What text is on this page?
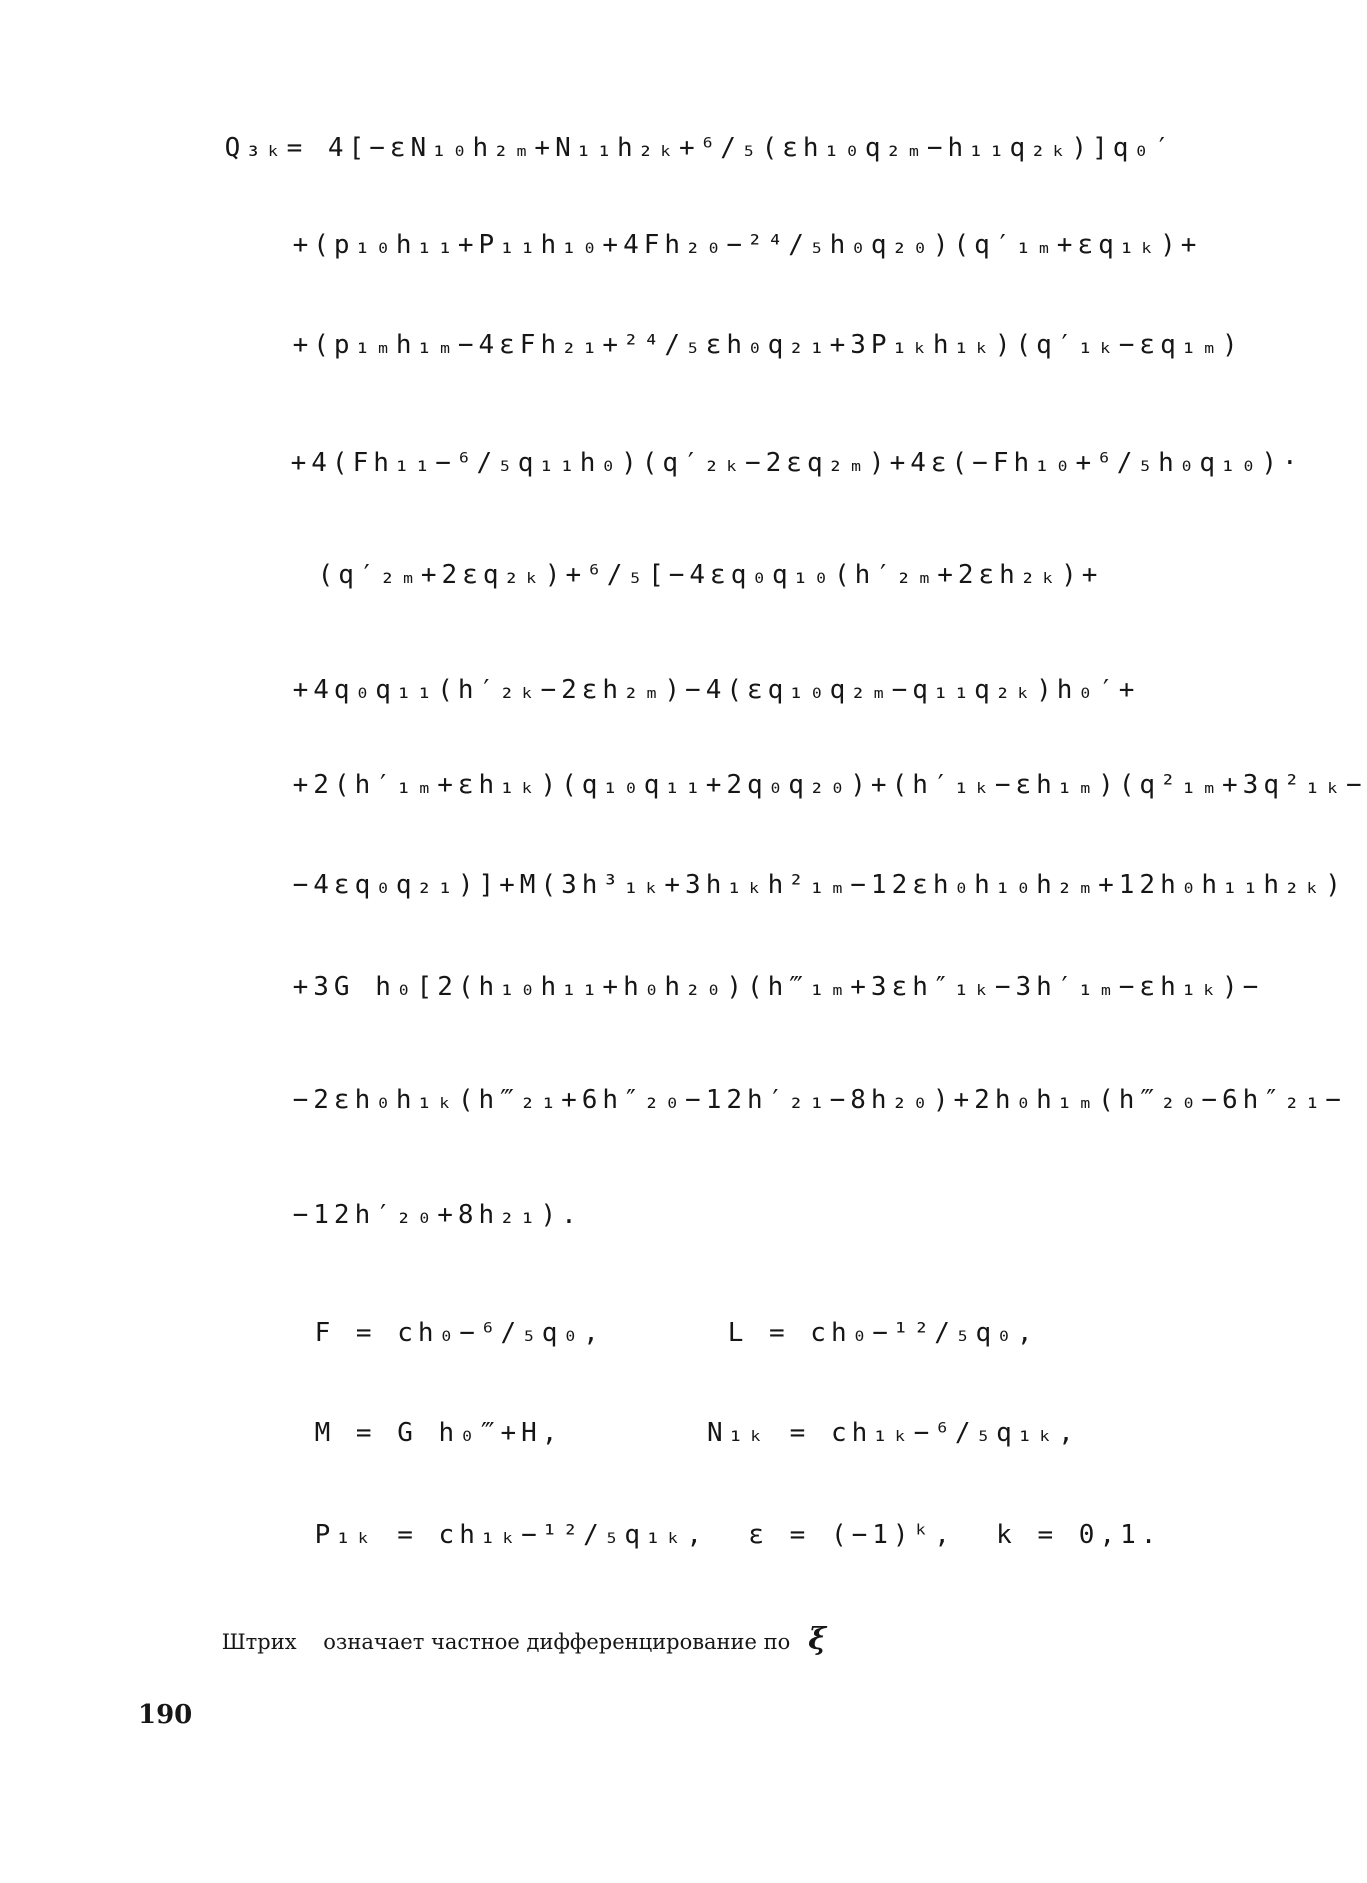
Q₃ₖ= 4[−εN₁₀h₂ₘ+N₁₁h₂ₖ+⁶/₅(εh₁₀q₂ₘ−h₁₁q₂ₖ)]q₀′

+(p₁₀h₁₁+P₁₁h₁₀+4Fh₂₀−²⁴/₅h₀q₂₀)(q′₁ₘ+εq₁ₖ)+

+(p₁ₘh₁ₘ−4εFh₂₁+²⁴/₅εh₀q₂₁+3P₁ₖh₁ₖ)(q′₁ₖ−εq₁ₘ)

+4(Fh₁₁−⁶/₅q₁₁h₀)(q′₂ₖ−2εq₂ₘ)+4ε(−Fh₁₀+⁶/₅h₀q₁₀)·

(q′₂ₘ+2εq₂ₖ)+⁶/₅[−4εq₀q₁₀(h′₂ₘ+2εh₂ₖ)+

+4q₀q₁₁(h′₂ₖ−2εh₂ₘ)−4(εq₁₀q₂ₘ−q₁₁q₂ₖ)h₀′+

+2(h′₁ₘ+εh₁ₖ)(q₁₀q₁₁+2q₀q₂₀)+(h′₁ₖ−εh₁ₘ)(q²₁ₘ+3q²₁ₖ−

−4εq₀q₂₁)]+M(3h³₁ₖ+3h₁ₖh²₁ₘ−12εh₀h₁₀h₂ₘ+12h₀h₁₁h₂ₖ)

+3G h₀[2(h₁₀h₁₁+h₀h₂₀)(h‴₁ₘ+3εh″₁ₖ−3h′₁ₘ−εh₁ₖ)−

−2εh₀h₁ₖ(h‴₂₁+6h″₂₀−12h′₂₁−8h₂₀)+2h₀h₁ₘ(h‴₂₀−6h″₂₁−

−12h′₂₀+8h₂₁).

F = ch₀−⁶/₅q₀,      L = ch₀−¹²/₅q₀,

M = G h₀‴+H,       N₁ₖ = ch₁ₖ−⁶/₅q₁ₖ,

P₁ₖ = ch₁ₖ−¹²/₅q₁ₖ,  ε = (−1)ᵏ,  k = 0,1.

Штрих    означает частное дифференцирование по ξ

190
